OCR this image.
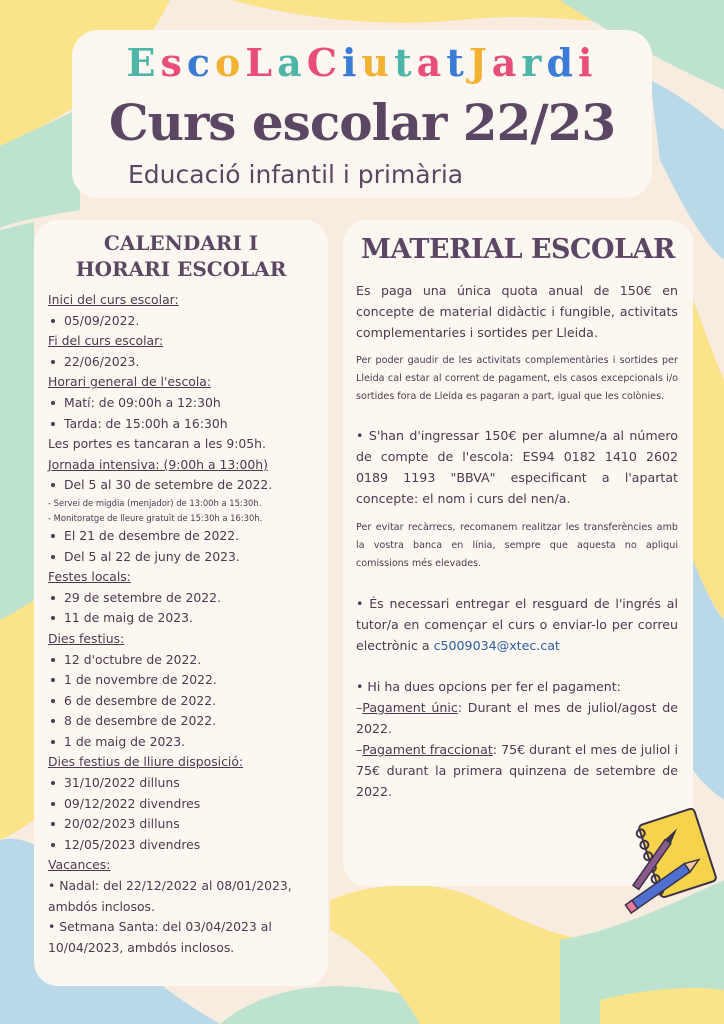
EscoLaCiutatJardi
Curs escolar 22/23
Educació infantil i primària
CALENDARI I
HORARI ESCOLAR
Inici del curs escolar:
05/09/2022.
Fi del curs escolar:
22/06/2023.
Horari general de l'escola:
Matí: de 09:00h a 12:30h
Tarda: de 15:00h a 16:30h
Les portes es tancaran a les 9:05h.
Jornada intensiva: (9:00h a 13:00h)
Del 5 al 30 de setembre de 2022.
- Servei de migdia (menjador) de 13:00h a 15:30h.
- Monitoratge de lleure gratuït de 15:30h a 16:30h.
El 21 de desembre de 2022.
Del 5 al 22 de juny de 2023.
Festes locals:
29 de setembre de 2022.
11 de maig de 2023.
Dies festius:
12 d'octubre de 2022.
1 de novembre de 2022.
6 de desembre de 2022.
8 de desembre de 2022.
1 de maig de 2023.
Dies festius de lliure disposició:
31/10/2022 dilluns
09/12/2022 divendres
20/02/2023 dilluns
12/05/2023 divendres
Vacances:
• Nadal: del 22/12/2022 al 08/01/2023, ambdós inclosos.
• Setmana Santa: del 03/04/2023 al 10/04/2023, ambdós inclosos.
MATERIAL ESCOLAR

Es paga una única quota anual de 150€ en concepte de material didàctic i fungible, activitats complementaries i sortides per Lleida.

Per poder gaudir de les activitats complementàries i sortides per Lleida cal estar al corrent de pagament, els casos excepcionals i/o sortides fora de Lleida es pagaran a part, igual que les colònies.

• S'han d'ingressar 150€ per alumne/a al número de compte de l'escola: ES94 0182 1410 2602 0189 1193 "BBVA" especificant a l'apartat concepte: el nom i curs del nen/a.

Per evitar recàrrecs, recomanem realitzar les transferències amb la vostra banca en línia, sempre que aquesta no apliqui comissions més elevades.

• És necessari entregar el resguard de l'ingrés al tutor/a en començar el curs o enviar-lo per correu electrònic a c5009034@xtec.cat

• Hi ha dues opcions per fer el pagament:

–Pagament únic: Durant el mes de juliol/agost de 2022.

–Pagament fraccionat: 75€ durant el mes de juliol i 75€ durant la primera quinzena de setembre de 2022.
